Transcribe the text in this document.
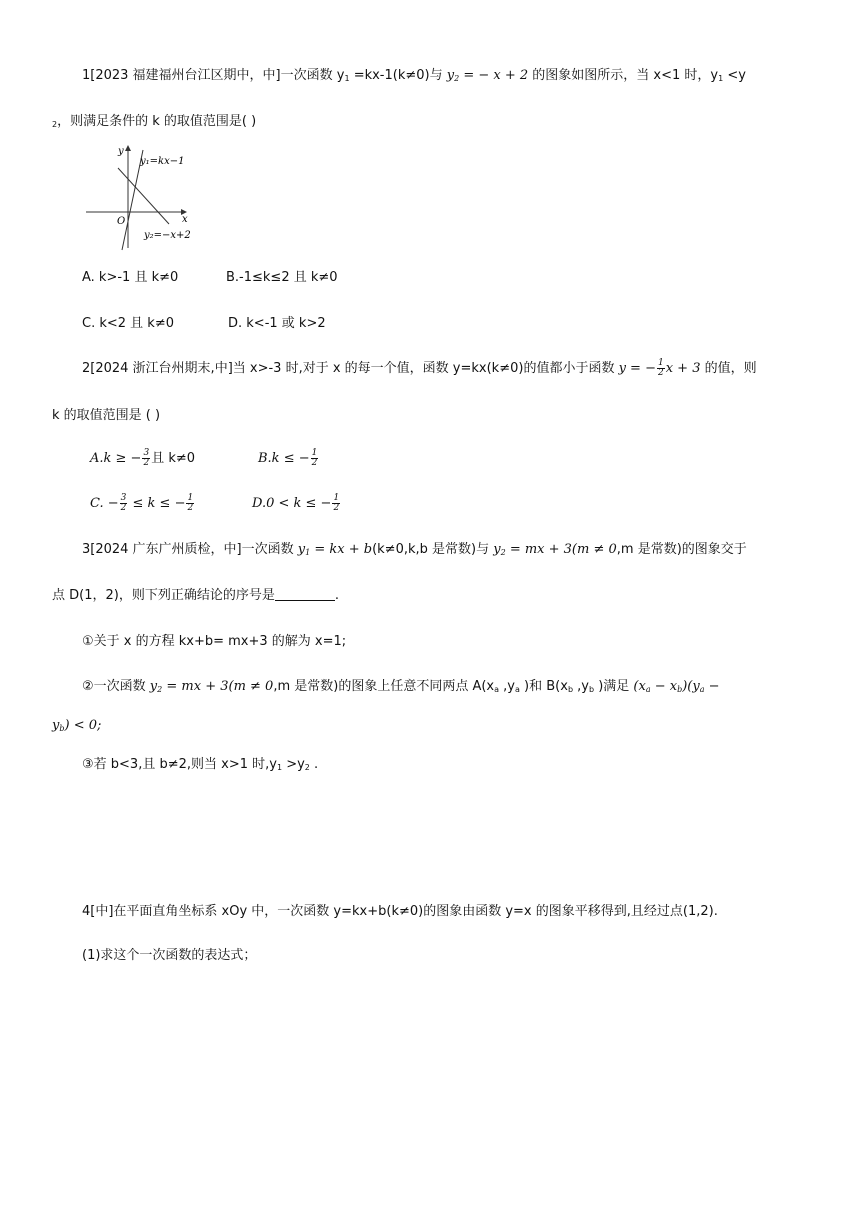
1[2023 福建福州台江区期中，中]一次函数 $y_1 =kx-1(k\ne 0)$与 $y_2$ = − x + 2 的图象如图所示，当 x<1 时，$y_1 <y$
$_2$，则满足条件的 k 的取值范围是( )
y
x
O
y₁=kx−1
y₂=−x+2
A. k>-1 且 k≠0	B.-1≤k≤2 且 k≠0
C. k<2 且 k≠0	D. k<-1 或 k>2
2[2024 浙江台州期末,中]当 x>-3 时,对于 x 的每一个值，函数 y=kx(k≠0)的值都小于函数 y = − $\frac{1}{2}$ x + 3 的值，则
k 的取值范围是 ( )
A.k ≥ − $\frac{3}{2}$ 且 k≠0	B.k ≤ − $\frac{1}{2}$
C. − $\frac{3}{2} \le k$ ≤ − $\frac{1}{2}$	D.0 < k ≤ − $\frac{1}{2}$
3[2024 广东广州质检，中]一次函数 $y_1$ = kx + b(k≠0,k,b 是常数)与 $y_2$ = mx + 3(m ≠ 0,m 是常数)的图象交于
点 D(1，2)，则下列正确结论的序号是	.
①关于 x 的方程 kx+b= mx+3 的解为 x=1;
②一次函数 $y_2$ = mx + 3(m ≠ 0,m 是常数)的图象上任意不同两点 $A(x_a$ $,y_a$ )和 $B(x_b$ $,y_b$ )满足 $(x_a - x_b)(y_a$ −
$y_b) < 0$;
③若 b<3,且 b≠2,则当 x>1 时$,y_1 >y_2$ .
4[中]在平面直角坐标系 xOy 中，一次函数 y=kx+b(k≠0)的图象由函数 y=x 的图象平移得到,且经过点(1,2).
(1)求这个一次函数的表达式；
